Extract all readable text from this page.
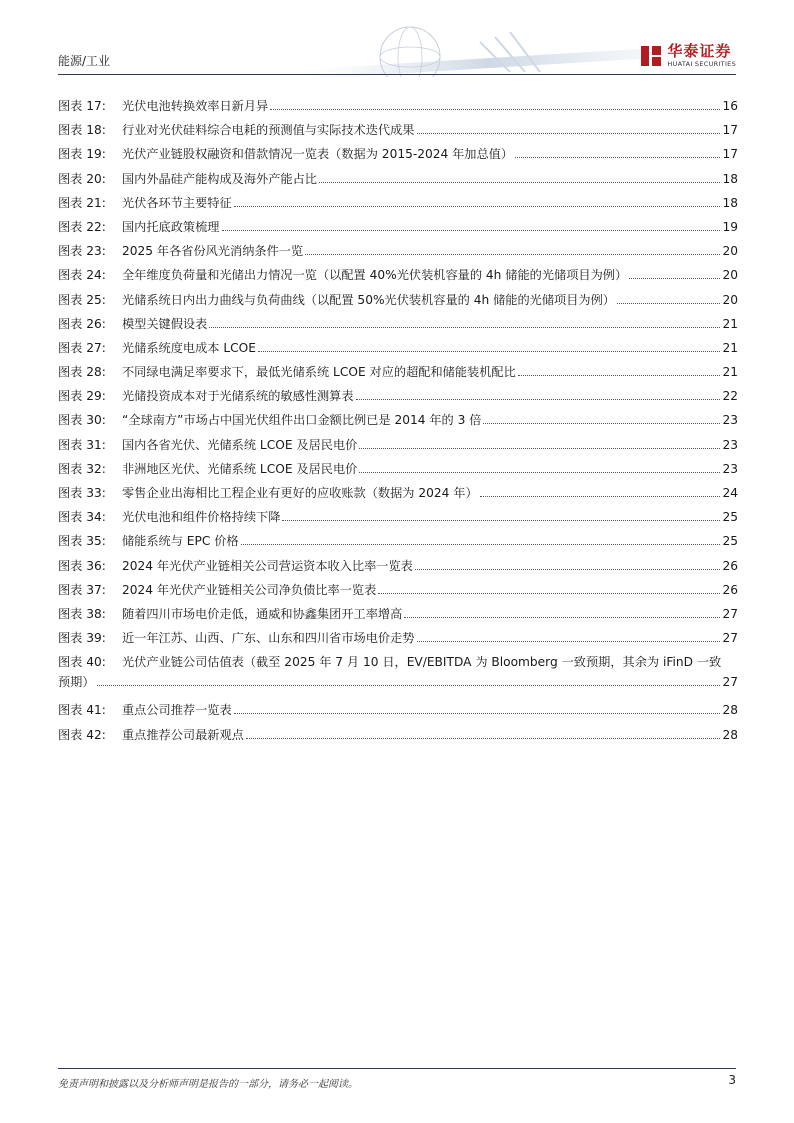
能源/工业
华泰证券
HUATAI SECURITIES
图表 17:	光伏电池转换效率日新月异	16
图表 18:	行业对光伏硅料综合电耗的预测值与实际技术迭代成果	17
图表 19:	光伏产业链股权融资和借款情况一览表（数据为 2015-2024 年加总值）	17
图表 20:	国内外晶硅产能构成及海外产能占比	18
图表 21:	光伏各环节主要特征	18
图表 22:	国内托底政策梳理	19
图表 23:	2025 年各省份风光消纳条件一览	20
图表 24:	全年维度负荷量和光储出力情况一览（以配置 40%光伏装机容量的 4h 储能的光储项目为例）	20
图表 25:	光储系统日内出力曲线与负荷曲线（以配置 50%光伏装机容量的 4h 储能的光储项目为例）	20
图表 26:	模型关键假设表	21
图表 27:	光储系统度电成本 LCOE	21
图表 28:	不同绿电满足率要求下，最低光储系统 LCOE 对应的超配和储能装机配比	21
图表 29:	光储投资成本对于光储系统的敏感性测算表	22
图表 30:	“全球南方”市场占中国光伏组件出口金额比例已是 2014 年的 3 倍	23
图表 31:	国内各省光伏、光储系统 LCOE 及居民电价	23
图表 32:	非洲地区光伏、光储系统 LCOE 及居民电价	23
图表 33:	零售企业出海相比工程企业有更好的应收账款（数据为 2024 年）	24
图表 34:	光伏电池和组件价格持续下降	25
图表 35:	储能系统与 EPC 价格	25
图表 36:	2024 年光伏产业链相关公司营运资本收入比率一览表	26
图表 37:	2024 年光伏产业链相关公司净负债比率一览表	26
图表 38:	随着四川市场电价走低，通威和协鑫集团开工率增高	27
图表 39:	近一年江苏、山西、广东、山东和四川省市场电价走势	27
图表 40:	光伏产业链公司估值表（截至 2025 年 7 月 10 日，EV/EBITDA 为 Bloomberg 一致预期，其余为 iFinD 一致
预期）	27
图表 41:	重点公司推荐一览表	28
图表 42:	重点推荐公司最新观点	28
免责声明和披露以及分析师声明是报告的一部分，请务必一起阅读。	3
